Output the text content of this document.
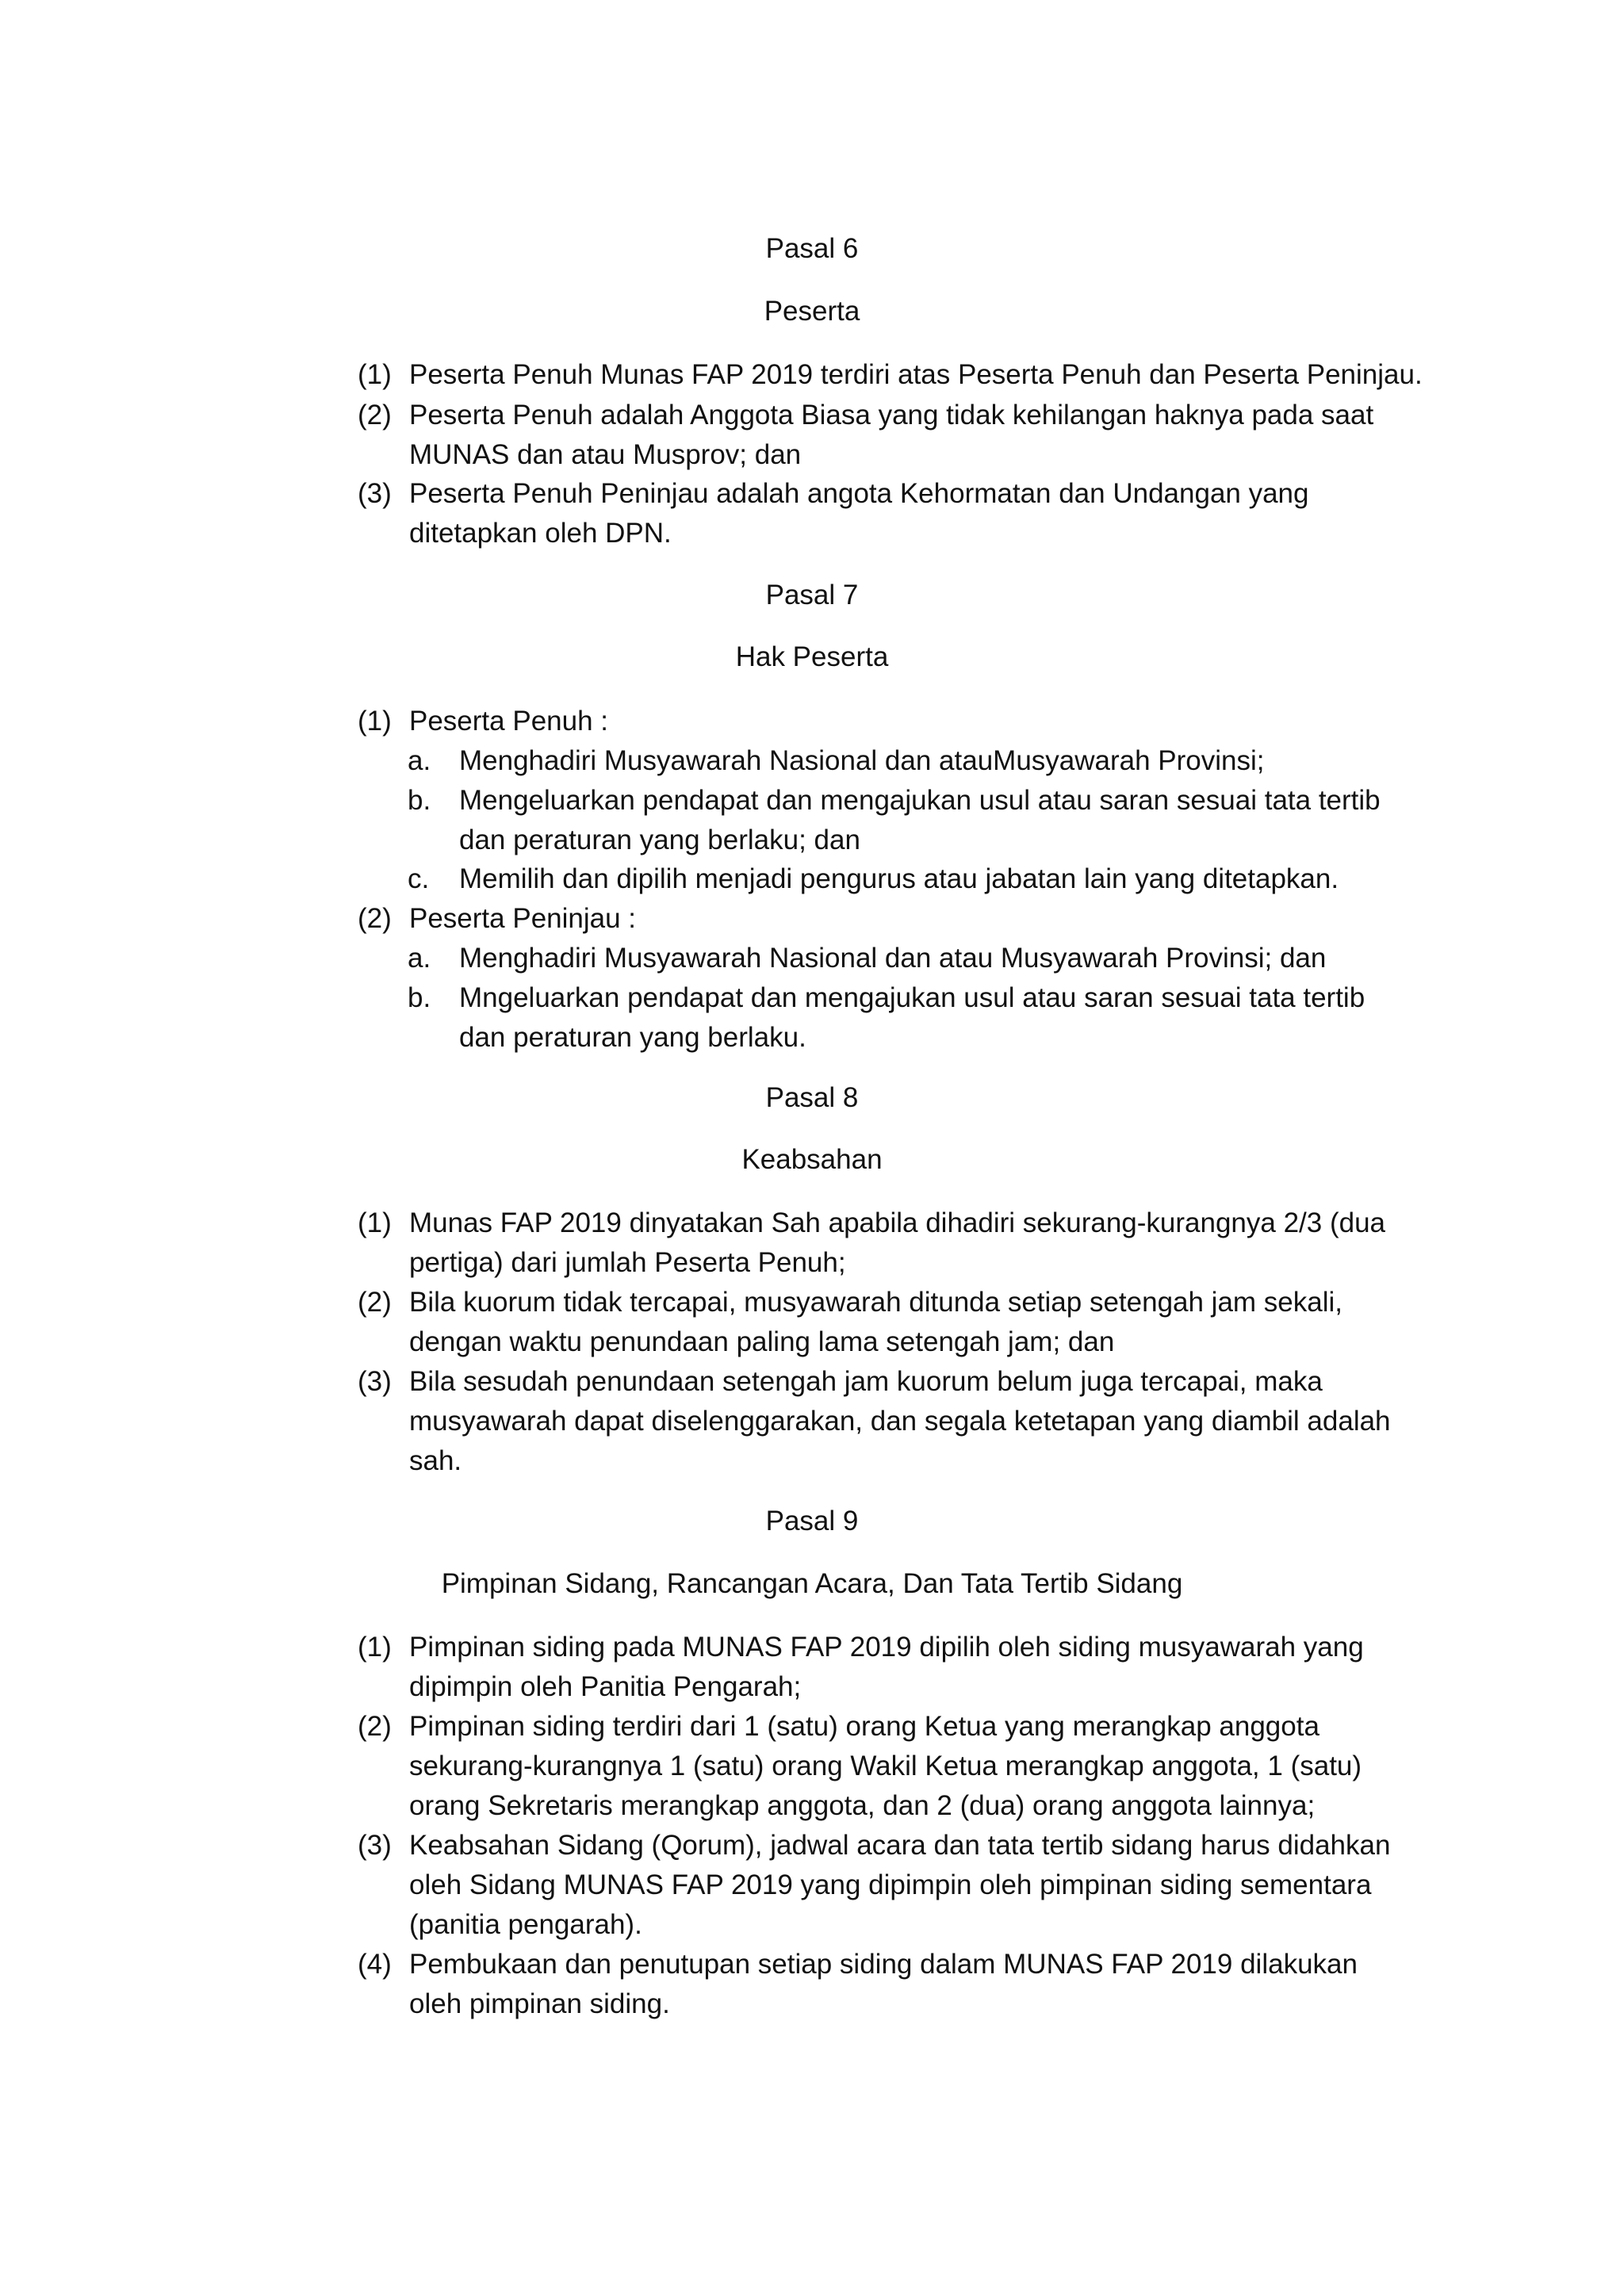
Pasal 6
Peserta
(1) Peserta Penuh Munas FAP 2019 terdiri atas Peserta Penuh dan Peserta Peninjau.
(2) Peserta Penuh adalah Anggota Biasa yang tidak kehilangan haknya pada saat
MUNAS dan atau Musprov; dan
(3) Peserta Penuh Peninjau adalah angota Kehormatan dan Undangan yang
ditetapkan oleh DPN.
Pasal 7
Hak Peserta
(1) Peserta Penuh :
a. Menghadiri Musyawarah Nasional dan atauMusyawarah Provinsi;
b. Mengeluarkan pendapat dan mengajukan usul atau saran sesuai tata tertib
dan peraturan yang berlaku; dan
c. Memilih dan dipilih menjadi pengurus atau jabatan lain yang ditetapkan.
(2) Peserta Peninjau :
a. Menghadiri Musyawarah Nasional dan atau Musyawarah Provinsi; dan
b. Mngeluarkan pendapat dan mengajukan usul atau saran sesuai tata tertib
dan peraturan yang berlaku.
Pasal 8
Keabsahan
(1) Munas FAP 2019 dinyatakan Sah apabila dihadiri sekurang-kurangnya 2/3 (dua
pertiga) dari jumlah Peserta Penuh;
(2) Bila kuorum tidak tercapai, musyawarah ditunda setiap setengah jam sekali,
dengan waktu penundaan paling lama setengah jam; dan
(3) Bila sesudah penundaan setengah jam kuorum belum juga tercapai, maka
musyawarah dapat diselenggarakan, dan segala ketetapan yang diambil adalah
sah.
Pasal 9
Pimpinan Sidang, Rancangan Acara, Dan Tata Tertib Sidang
(1) Pimpinan siding pada MUNAS FAP 2019 dipilih oleh siding musyawarah yang
dipimpin oleh Panitia Pengarah;
(2) Pimpinan siding terdiri dari 1 (satu) orang Ketua yang merangkap anggota
sekurang-kurangnya 1 (satu) orang Wakil Ketua merangkap anggota, 1 (satu)
orang Sekretaris merangkap anggota, dan 2 (dua) orang anggota lainnya;
(3) Keabsahan Sidang (Qorum), jadwal acara dan tata tertib sidang harus didahkan
oleh Sidang MUNAS FAP 2019 yang dipimpin oleh pimpinan siding sementara
(panitia pengarah).
(4) Pembukaan dan penutupan setiap siding dalam MUNAS FAP 2019 dilakukan
oleh pimpinan siding.
